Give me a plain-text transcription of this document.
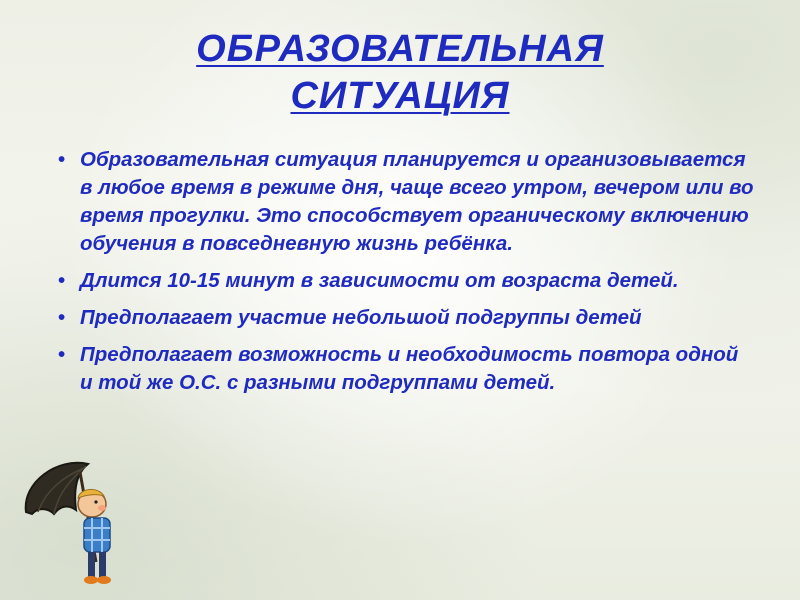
ОБРАЗОВАТЕЛЬНАЯ
СИТУАЦИЯ
• Образовательная ситуация планируется и организовывается в любое время в режиме дня, чаще всего утром, вечером или во время прогулки. Это способствует органическому включению обучения в повседневную жизнь ребёнка.
• Длится 10-15 минут в зависимости от возраста детей.
• Предполагает участие небольшой подгруппы детей
• Предполагает возможность и необходимость повтора одной и той же О.С. с разными подгруппами детей.
